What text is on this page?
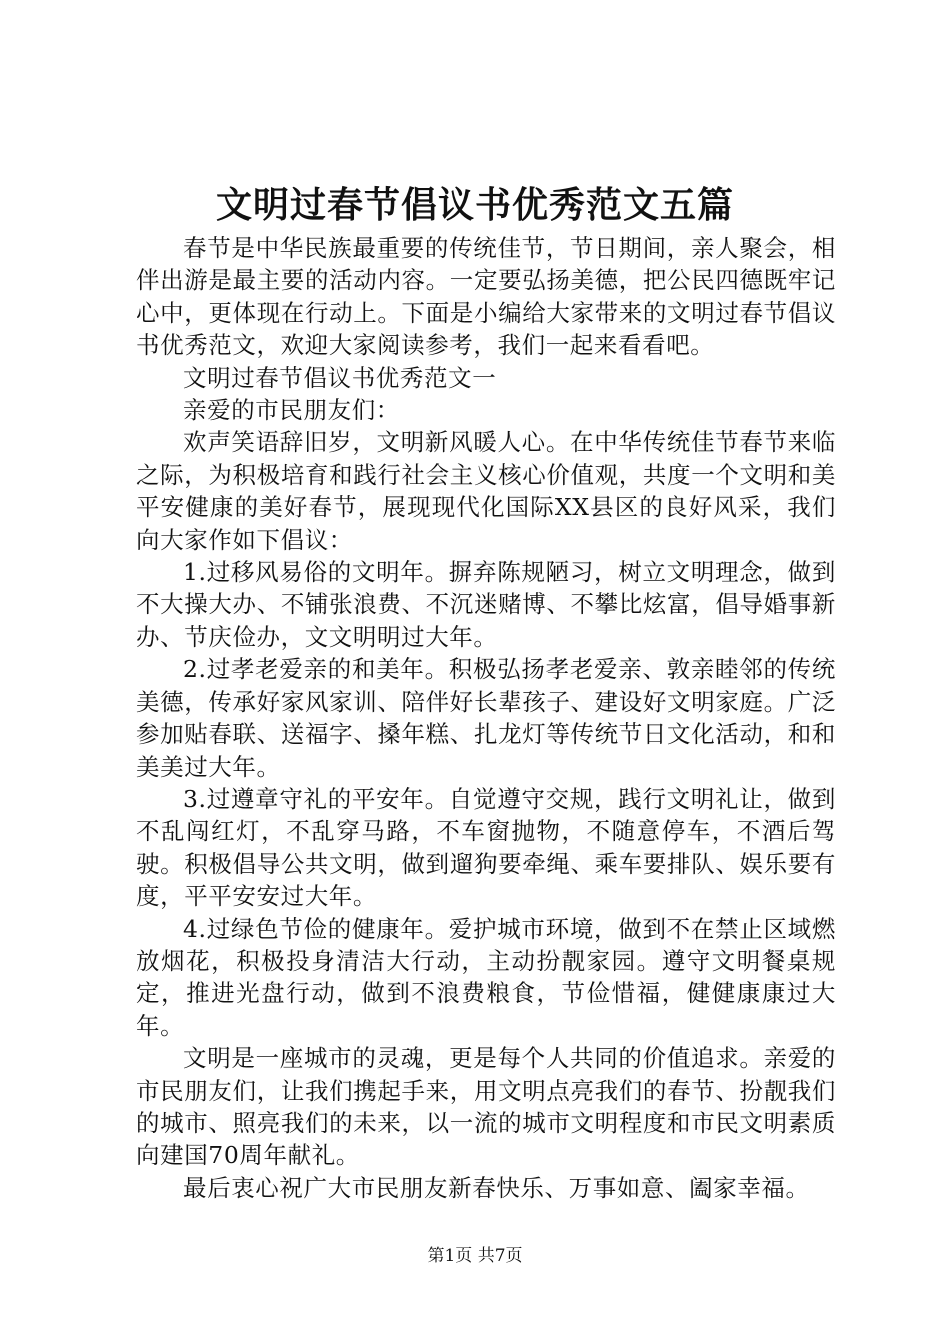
文明过春节倡议书优秀范文五篇

春节是中华民族最重要的传统佳节，节日期间，亲人聚会，相伴出游是最主要的活动内容。一定要弘扬美德，把公民四德既牢记心中，更体现在行动上。下面是小编给大家带来的文明过春节倡议书优秀范文，欢迎大家阅读参考，我们一起来看看吧。

文明过春节倡议书优秀范文一

亲爱的市民朋友们：

欢声笑语辞旧岁，文明新风暖人心。在中华传统佳节春节来临之际，为积极培育和践行社会主义核心价值观，共度一个文明和美平安健康的美好春节，展现现代化国际XX县区的良好风采，我们向大家作如下倡议：

1.过移风易俗的文明年。摒弃陈规陋习，树立文明理念，做到不大操大办、不铺张浪费、不沉迷赌博、不攀比炫富，倡导婚事新办、节庆俭办，文文明明过大年。

2.过孝老爱亲的和美年。积极弘扬孝老爱亲、敦亲睦邻的传统美德，传承好家风家训、陪伴好长辈孩子、建设好文明家庭。广泛参加贴春联、送福字、搡年糕、扎龙灯等传统节日文化活动，和和美美过大年。

3.过遵章守礼的平安年。自觉遵守交规，践行文明礼让，做到不乱闯红灯，不乱穿马路，不车窗抛物，不随意停车，不酒后驾驶。积极倡导公共文明，做到遛狗要牵绳、乘车要排队、娱乐要有度，平平安安过大年。

4.过绿色节俭的健康年。爱护城市环境，做到不在禁止区域燃放烟花，积极投身清洁大行动，主动扮靓家园。遵守文明餐桌规定，推进光盘行动，做到不浪费粮食，节俭惜福，健健康康过大年。

文明是一座城市的灵魂，更是每个人共同的价值追求。亲爱的市民朋友们，让我们携起手来，用文明点亮我们的春节、扮靓我们的城市、照亮我们的未来，以一流的城市文明程度和市民文明素质向建国70周年献礼。

最后衷心祝广大市民朋友新春快乐、万事如意、阖家幸福。

第1页 共7页
